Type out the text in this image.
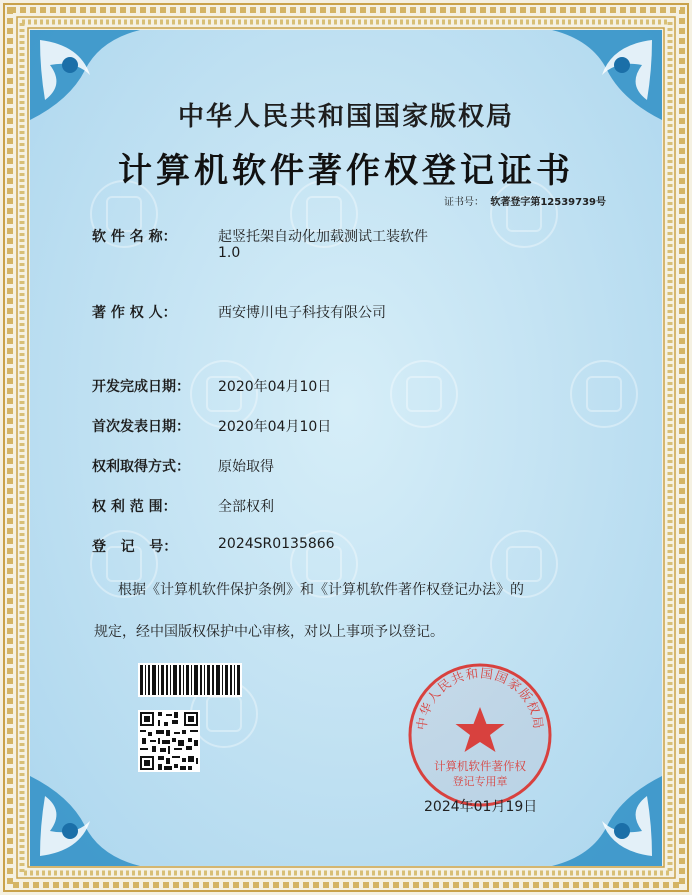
中华人民共和国国家版权局
计算机软件著作权登记证书
证书号： 软著登字第12539739号
软 件 名 称：	起竖托架自动化加载测试工装软件
1.0
著 作 权 人：	西安博川电子科技有限公司
开发完成日期： 2020年04月10日
首次发表日期： 2020年04月10日
权利取得方式： 原始取得
权 利 范 围：	全部权利
登   记   号：	2024SR0135866
根据《计算机软件保护条例》和《计算机软件著作权登记办法》的
规定，经中国版权保护中心审核，对以上事项予以登记。
中华人民共和国国家版权局
计算机软件著作权
登记专用章
2024年01月19日
